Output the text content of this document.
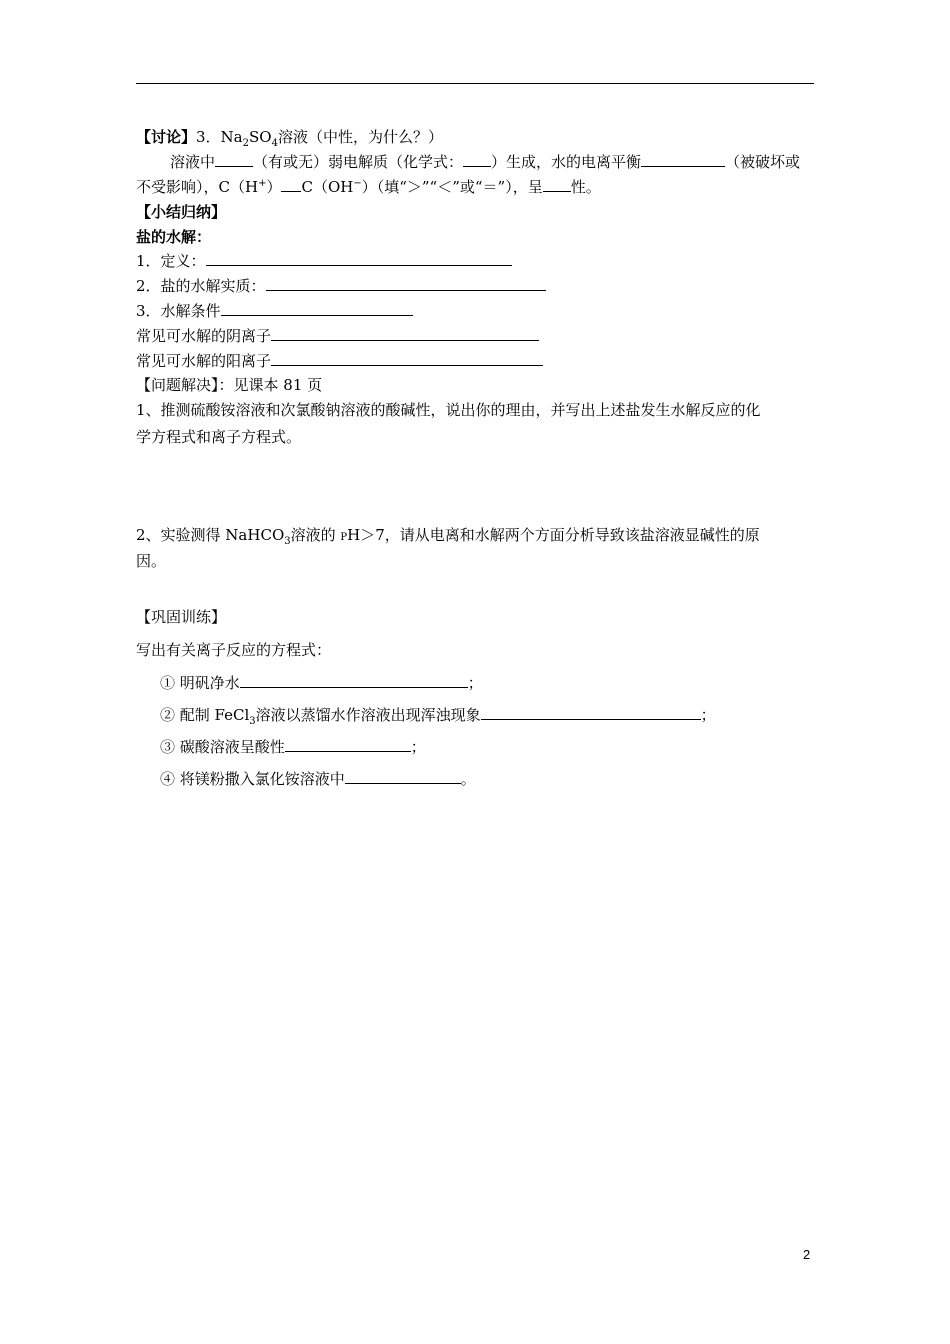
【讨论】3．$Na_2SO_4$溶液（中性，为什么？）
溶液中	（有或无）弱电解质（化学式： ）生成，水的电离平衡	（被破坏或
不受影响），C（H+） C（OH−）（填“＞”“＜”或“＝”），呈 性。
【小结归纳】
盐的水解：
1．定义：
2．盐的水解实质：
3．水解条件
常见可水解的阴离子
常见可水解的阳离子
【问题解决】：见课本 81 页
1、推测硫酸铵溶液和次氯酸钠溶液的酸碱性，说出你的理由，并写出上述盐发生水解反应的化
学方程式和离子方程式。
2、实验测得 NaHCO$_3$溶液的 PH＞7，请从电离和水解两个方面分析导致该盐溶液显碱性的原
因。
【巩固训练】
写出有关离子反应的方程式：
① 明矾净水	；
② 配制 FeCl$_3$溶液以蒸馏水作溶液出现浑浊现象	；
③ 碳酸溶液呈酸性	；
④ 将镁粉撒入氯化铵溶液中	。
2
